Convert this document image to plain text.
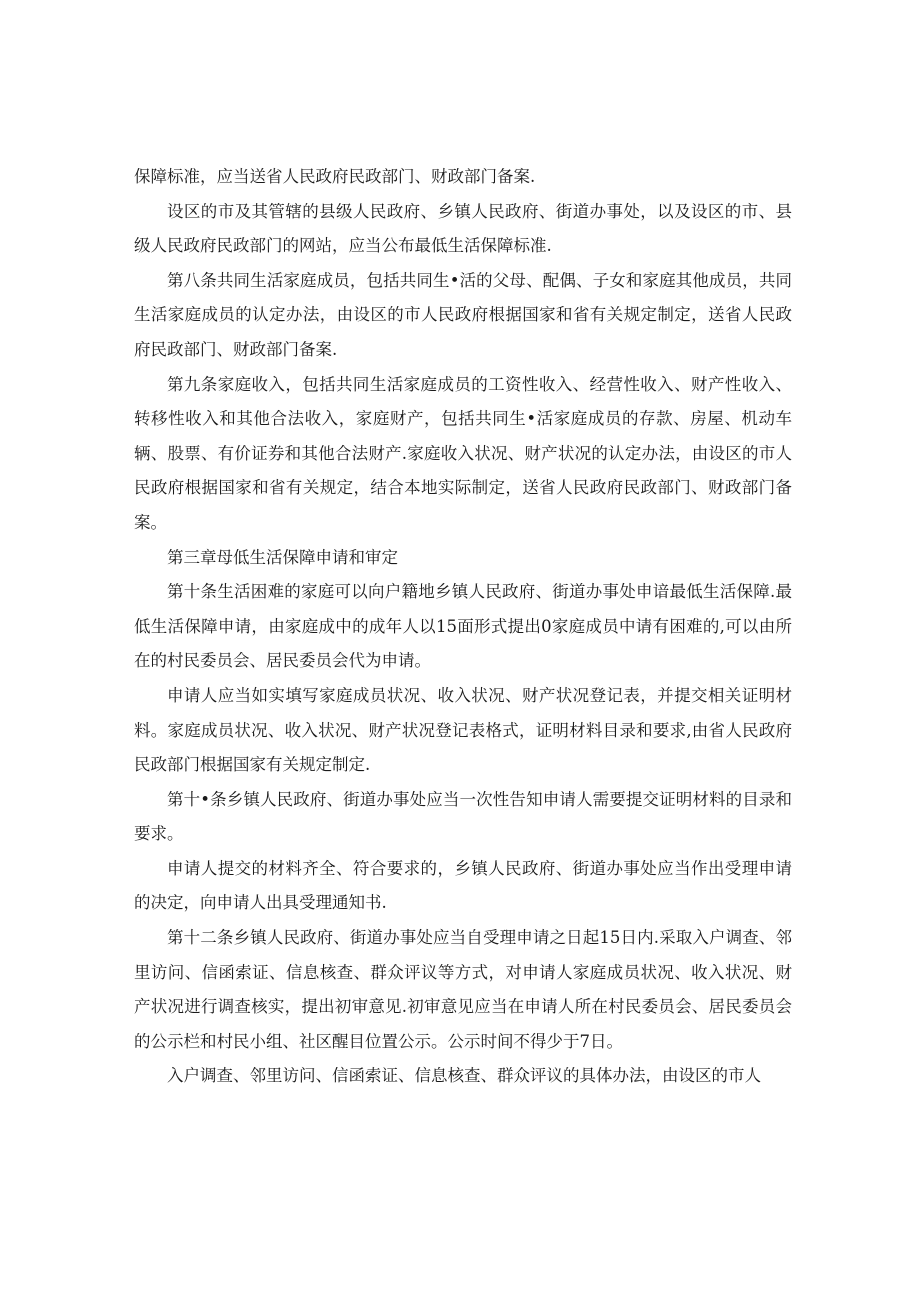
保障标准，应当送省人民政府民政部门、财政部门备案.

设区的市及其管辖的县级人民政府、乡镇人民政府、街道办事处，以及设区的市、县级人民政府民政部门的网站，应当公布最低生活保障标准.

第八条共同生活家庭成员，包括共同生•活的父母、配偶、子女和家庭其他成员，共同生活家庭成员的认定办法，由设区的市人民政府根据国家和省有关规定制定，送省人民政府民政部门、财政部门备案.

第九条家庭收入，包括共同生活家庭成员的工资性收入、经营性收入、财产性收入、转移性收入和其他合法收入，家庭财产，包括共同生•活家庭成员的存款、房屋、机动车辆、股票、有价证券和其他合法财产.家庭收入状况、财产状况的认定办法，由设区的市人民政府根据国家和省有关规定，结合本地实际制定，送省人民政府民政部门、财政部门备案。

第三章母低生活保障申请和审定

第十条生活困难的家庭可以向户籍地乡镇人民政府、街道办事处申谙最低生活保障.最低生活保障申请，由家庭成中的成年人以15面形式提出0家庭成员中请有困难的,可以由所在的村民委员会、居民委员会代为申请。

申请人应当如实填写家庭成员状况、收入状况、财产状况登记表，并提交相关证明材料。家庭成员状况、收入状况、财产状况登记表格式，证明材料目录和要求,由省人民政府民政部门根据国家有关规定制定.

第十•条乡镇人民政府、街道办事处应当一次性告知申请人需要提交证明材料的目录和要求。

申请人提交的材料齐全、符合要求的，乡镇人民政府、街道办事处应当作出受理申请的决定，向申请人出具受理通知书.

第十二条乡镇人民政府、街道办事处应当自受理申请之日起15日内.采取入户调查、邻里访问、信函索证、信息核查、群众评议等方式，对申请人家庭成员状况、收入状况、财产状况进行调查核实，提出初审意见.初审意见应当在申请人所在村民委员会、居民委员会的公示栏和村民小组、社区醒目位置公示。公示时间不得少于7日。

入户调查、邻里访问、信函索证、信息核查、群众评议的具体办法，由设区的市人
